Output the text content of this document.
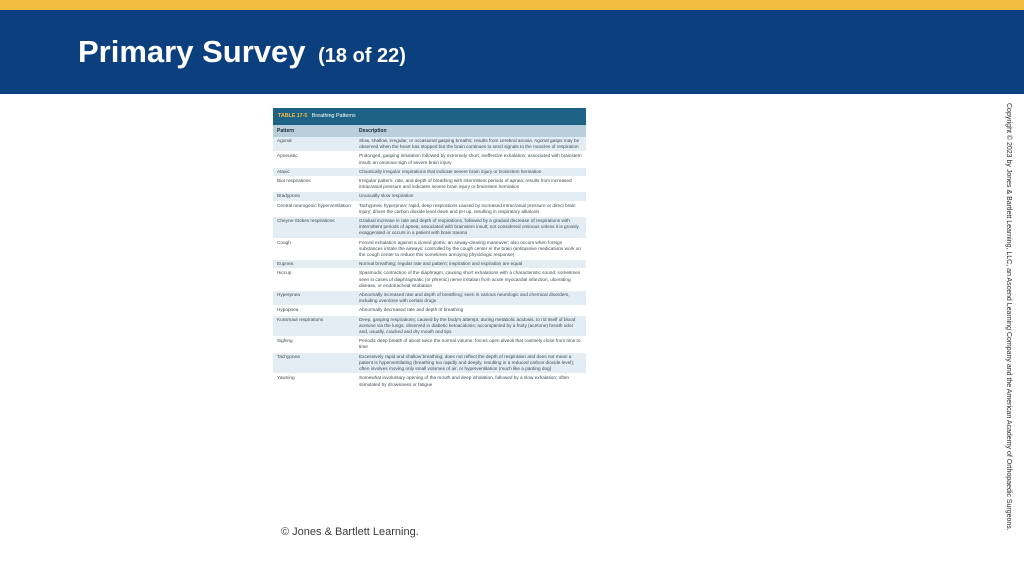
Primary Survey (18 of 22)
TABLE 17-5 Breathing Patterns
Pattern	Description
Agonal	Slow, shallow, irregular, or occasional gasping breaths; results from cerebral anoxia. Agonal gasps may be observed when the heart has stopped but the brain continues to send signals to the muscles of respiration
Apneustic	Prolonged, gasping inhalation followed by extremely short, ineffective exhalation; associated with brainstem insult; an ominous sign of severe brain injury
Ataxic	Chaotically irregular respirations that indicate severe brain injury or brainstem herniation
Biot respirations	Irregular pattern, rate, and depth of breathing with intermittent periods of apnea; results from increased intracranial pressure and indicates severe brain injury or brainstem herniation
Bradypnea	Unusually slow respiration
Central neurogenic hyperventilation	Tachypneic hyperpnea; rapid, deep respirations caused by increased intracranial pressure or direct brain injury; drives the carbon dioxide level down and pH up, resulting in respiratory alkalosis
Cheyne-Stokes respirations	Gradual increase in rate and depth of respirations, followed by a gradual decrease of respirations with intermittent periods of apnea; associated with brainstem insult; not considered ominous unless it is grossly exaggerated or occurs in a patient with brain trauma
Cough	Forced exhalation against a closed glottis; an airway-clearing maneuver; also occurs when foreign substances irritate the airways; controlled by the cough center in the brain (antitussive medications work on the cough center to reduce this sometimes annoying physiologic response)
Eupnea	Normal breathing; regular rate and pattern; inspiration and expiration are equal
Hiccup	Spasmodic contraction of the diaphragm, causing short exhalations with a characteristic sound; sometimes seen in cases of diaphragmatic (or phrenic) nerve irritation from acute myocardial infarction, ulcerating disease, or endotracheal intubation
Hyperpnea	Abnormally increased rate and depth of breathing; seen in various neurologic and chemical disorders, including overdose with certain drugs
Hypopnea	Abnormally decreased rate and depth of breathing
Kussmaul respirations	Deep, gasping respirations; caused by the body's attempt, during metabolic acidosis, to rid itself of blood acetone via the lungs; observed in diabetic ketoacidosis; accompanied by a fruity (acetone) breath odor and, usually, cracked and dry mouth and lips
Sighing	Periodic deep breath of about twice the normal volume; forces open alveoli that routinely close from time to time
Tachypnea	Excessively rapid and shallow breathing; does not reflect the depth of respiration and does not mean a patient is hyperventilating (breathing too rapidly and deeply, resulting in a reduced carbon dioxide level); often involves moving only small volumes of air, or hyperventilation (much like a panting dog)
Yawning	Somewhat involuntary opening of the mouth and deep inhalation, followed by a slow exhalation; often stimulated by drowsiness or fatigue
© Jones & Bartlett Learning.
Copyright © 2023 by Jones & Bartlett Learning, LLC, an Ascend Learning Company and the American Academy of Orthopaedic Surgeons.
